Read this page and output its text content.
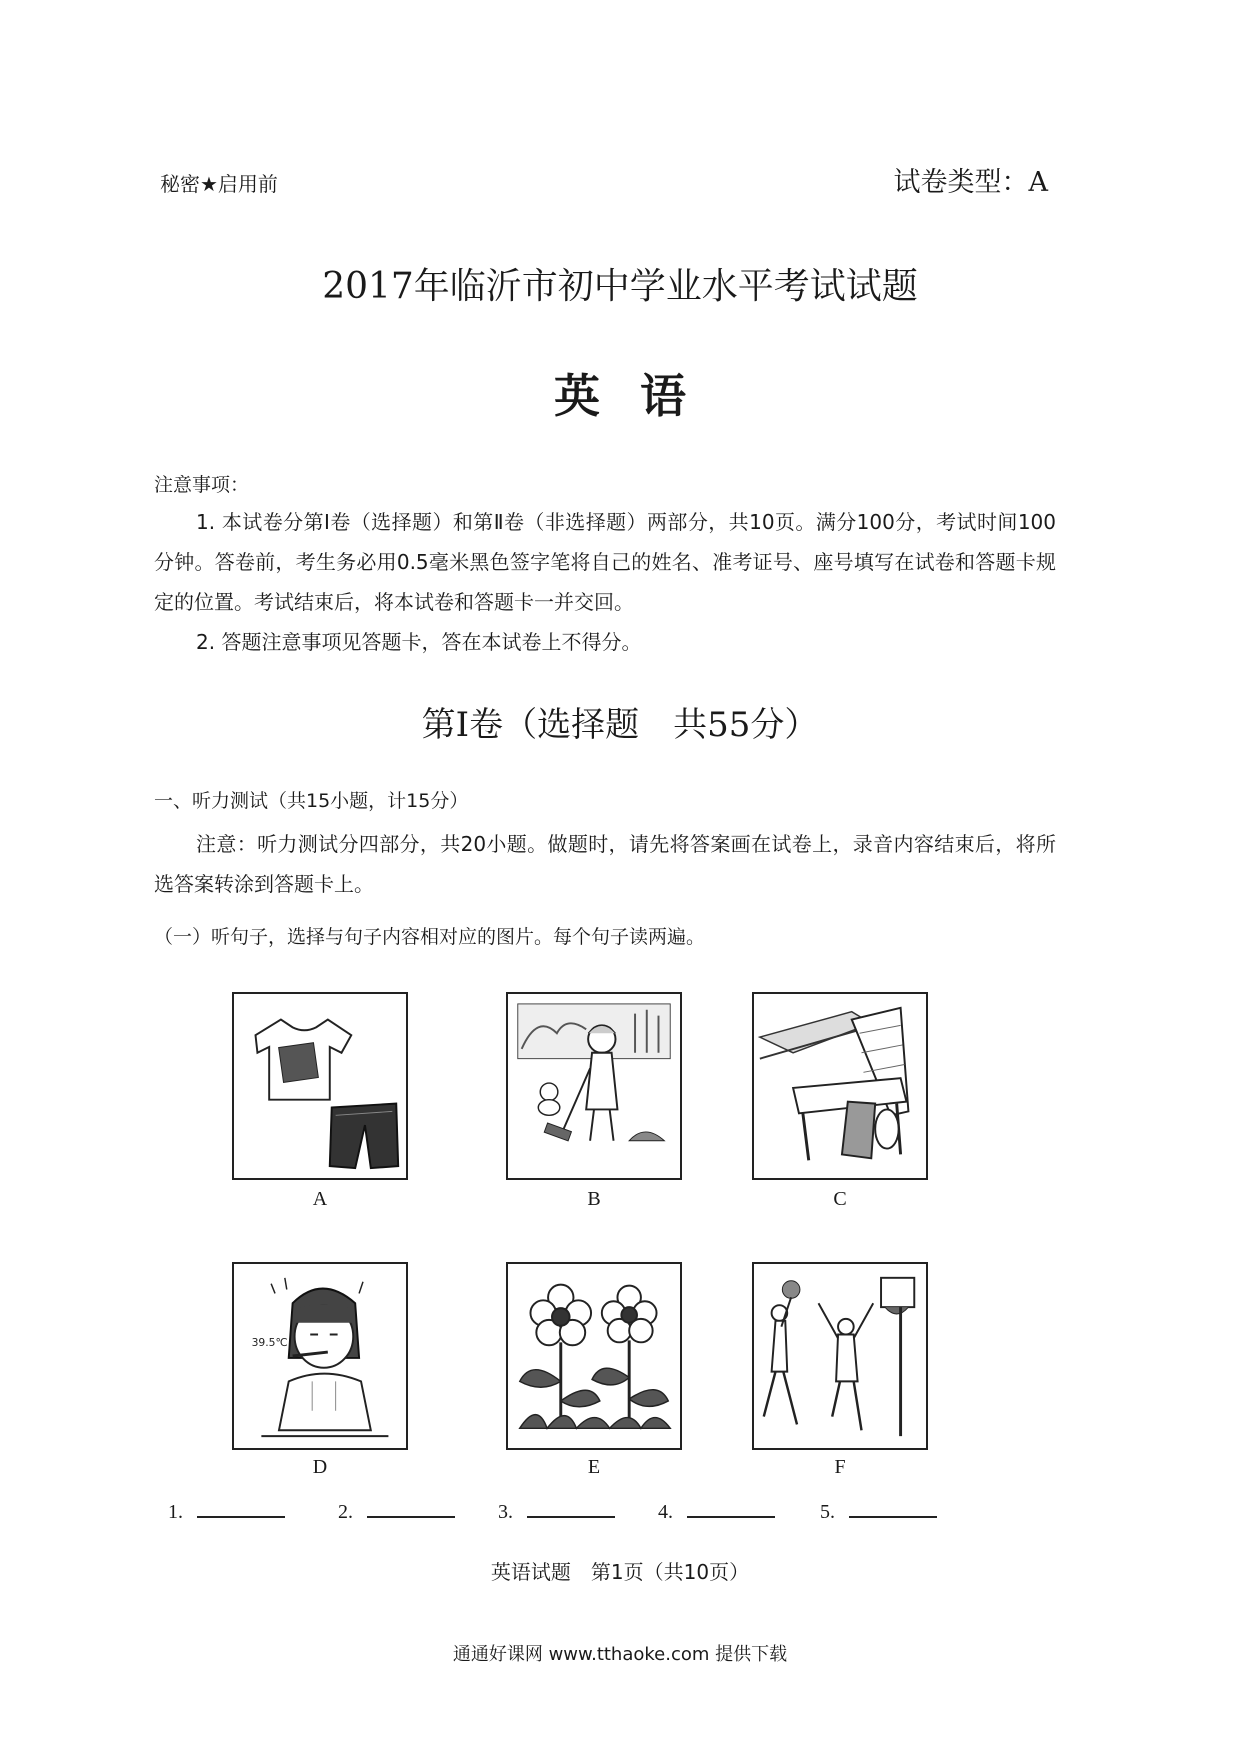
秘密★启用前	试卷类型：A

2017年临沂市初中学业水平考试试题
英语

注意事项：

1. 本试卷分第Ⅰ卷（选择题）和第Ⅱ卷（非选择题）两部分，共10页。满分100分，考试时间100分钟。答卷前，考生务必用0.5毫米黑色签字笔将自己的姓名、准考证号、座号填写在试卷和答题卡规定的位置。考试结束后，将本试卷和答题卡一并交回。

2. 答题注意事项见答题卡，答在本试卷上不得分。

第Ⅰ卷（选择题　共55分）

一、听力测试（共15小题，计15分）

注意：听力测试分四部分，共20小题。做题时，请先将答案画在试卷上，录音内容结束后，将所选答案转涂到答题卡上。

（一）听句子，选择与句子内容相对应的图片。每个句子读两遍。

A	B	C

39.5℃

D	E	F

1.	2.	3.	4.	5.

英语试题　第1页（共10页）

通通好课网 www.tthaoke.com 提供下载
